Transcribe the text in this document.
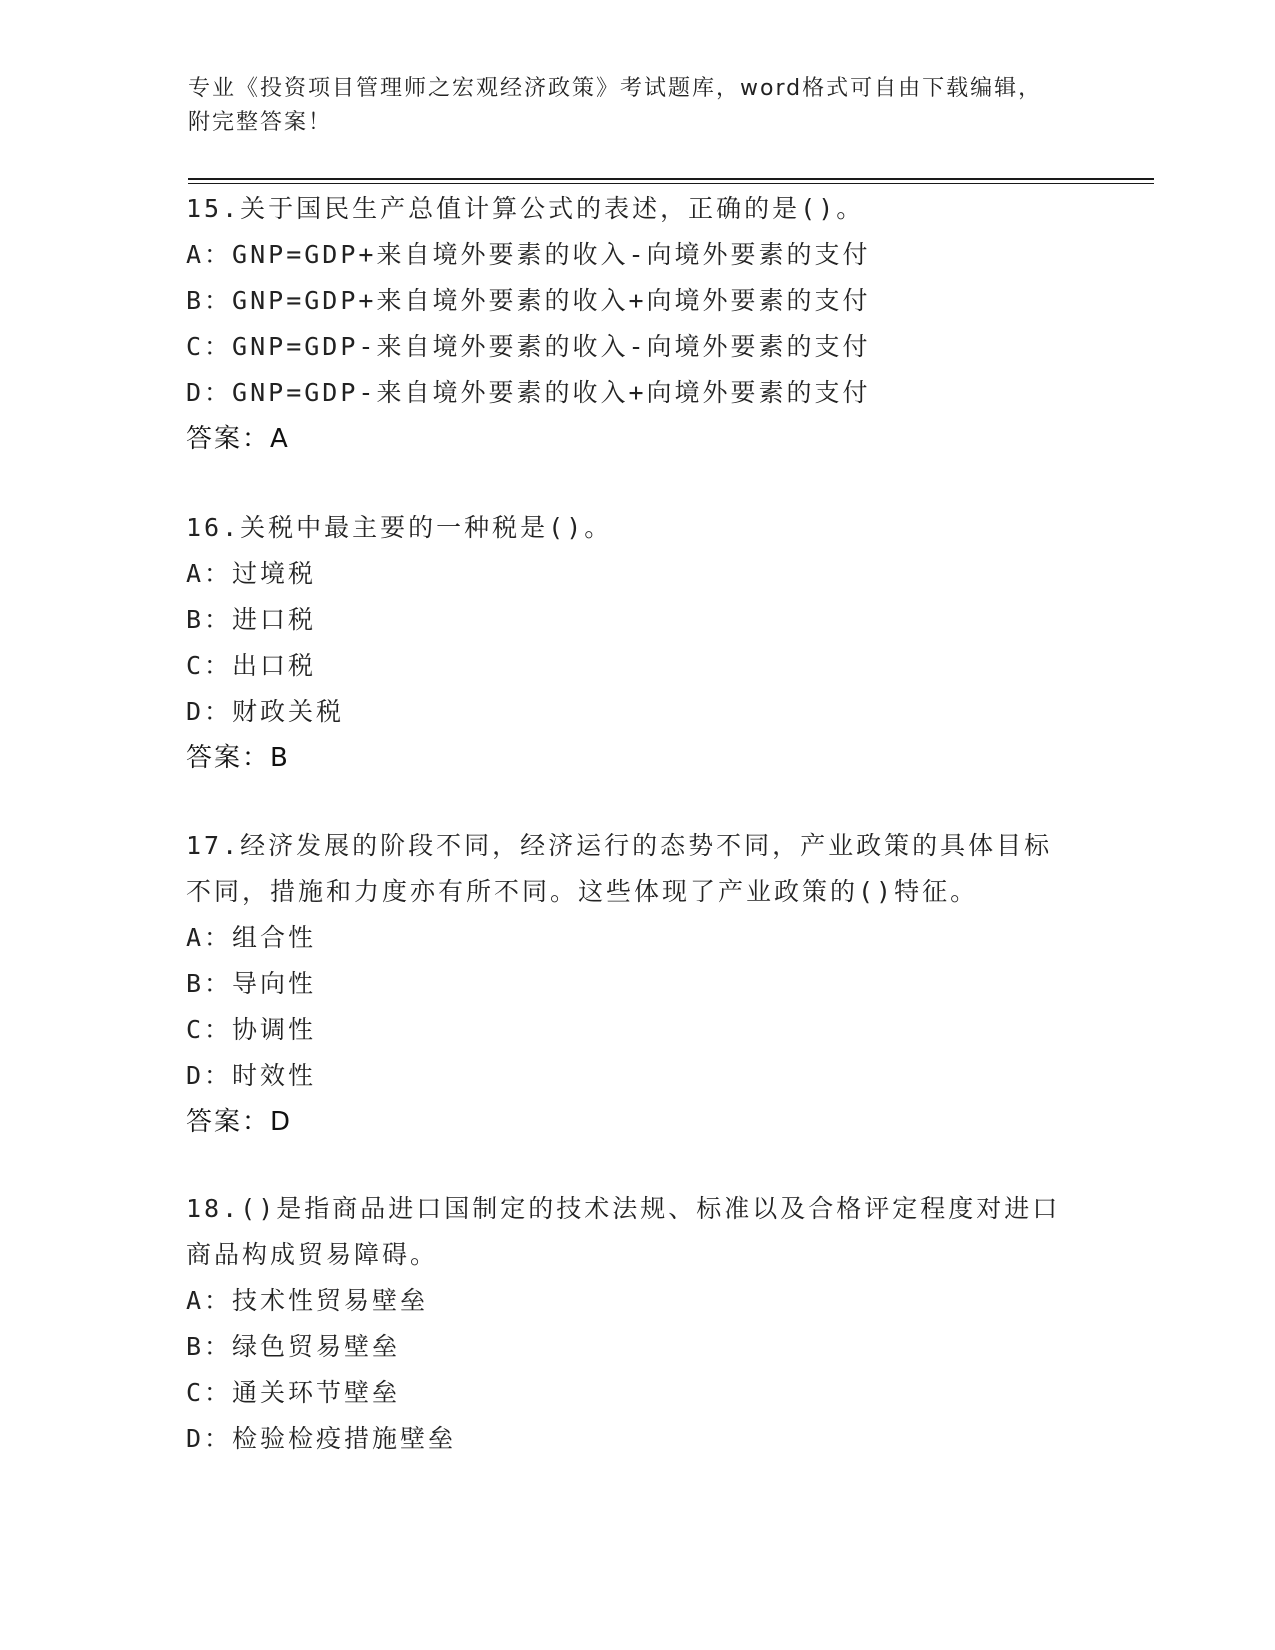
专业《投资项目管理师之宏观经济政策》考试题库，word格式可自由下载编辑，
附完整答案！
15.关于国民生产总值计算公式的表述，正确的是()。
A：GNP=GDP+来自境外要素的收入-向境外要素的支付
B：GNP=GDP+来自境外要素的收入+向境外要素的支付
C：GNP=GDP-来自境外要素的收入-向境外要素的支付
D：GNP=GDP-来自境外要素的收入+向境外要素的支付
答案：A
16.关税中最主要的一种税是()。
A：过境税
B：进口税
C：出口税
D：财政关税
答案：B
17.经济发展的阶段不同，经济运行的态势不同，产业政策的具体目标
不同，措施和力度亦有所不同。这些体现了产业政策的()特征。
A：组合性
B：导向性
C：协调性
D：时效性
答案：D
18.()是指商品进口国制定的技术法规、标准以及合格评定程度对进口
商品构成贸易障碍。
A：技术性贸易壁垒
B：绿色贸易壁垒
C：通关环节壁垒
D：检验检疫措施壁垒
